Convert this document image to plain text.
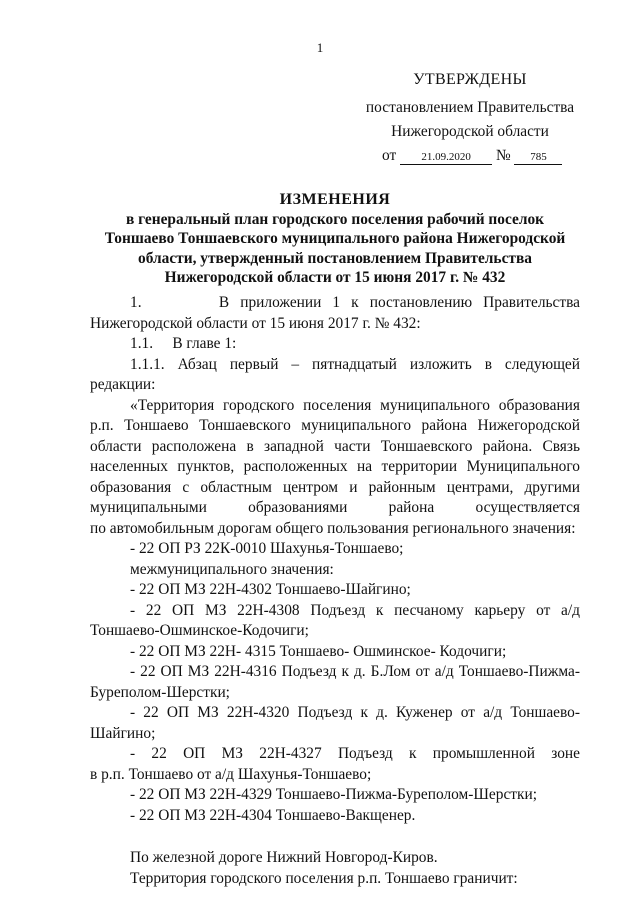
1
УТВЕРЖДЕНЫ
постановлением Правительства
Нижегородской области
от 21.09.2020 № 785
ИЗМЕНЕНИЯ
в генеральный план городского поселения рабочий поселок
Тоншаево Тоншаевского муниципального района Нижегородской
области, утвержденный постановлением Правительства
Нижегородской области от 15 июня 2017 г. № 432

1.       В приложении 1 к постановлению Правительства Нижегородской области от 15 июня 2017 г. № 432:

1.1.     В главе 1:

1.1.1. Абзац первый – пятнадцатый изложить в следующей редакции:

«Территория городского поселения муниципального образования р.п. Тоншаево Тоншаевского муниципального района Нижегородской области расположена в западной части Тоншаевского района. Связь населенных пунктов, расположенных на территории Муниципального образования с областным центром и районным центрами, другими муниципальными образованиями района осуществляется

по автомобильным дорогам общего пользования регионального значения:

- 22 ОП РЗ 22К-0010 Шахунья-Тоншаево;

межмуниципального значения:

- 22 ОП МЗ 22Н-4302 Тоншаево-Шайгино;

- 22 ОП МЗ 22Н-4308 Подъезд к песчаному карьеру от а/д Тоншаево-Ошминское-Кодочиги;

- 22 ОП МЗ 22Н- 4315 Тоншаево- Ошминское- Кодочиги;

- 22 ОП МЗ 22Н-4316 Подъезд к д. Б.Лом от а/д Тоншаево-Пижма-Буреполом-Шерстки;

- 22 ОП МЗ 22Н-4320 Подъезд к д. Куженер от а/д Тоншаево-Шайгино;

- 22 ОП МЗ 22Н-4327 Подъезд к промышленной зоне

в р.п. Тоншаево от а/д Шахунья-Тоншаево;

- 22 ОП МЗ 22Н-4329 Тоншаево-Пижма-Буреполом-Шерстки;

- 22 ОП МЗ 22Н-4304 Тоншаево-Вакщенер.

По железной дороге Нижний Новгород-Киров.

Территория городского поселения р.п. Тоншаево граничит:
